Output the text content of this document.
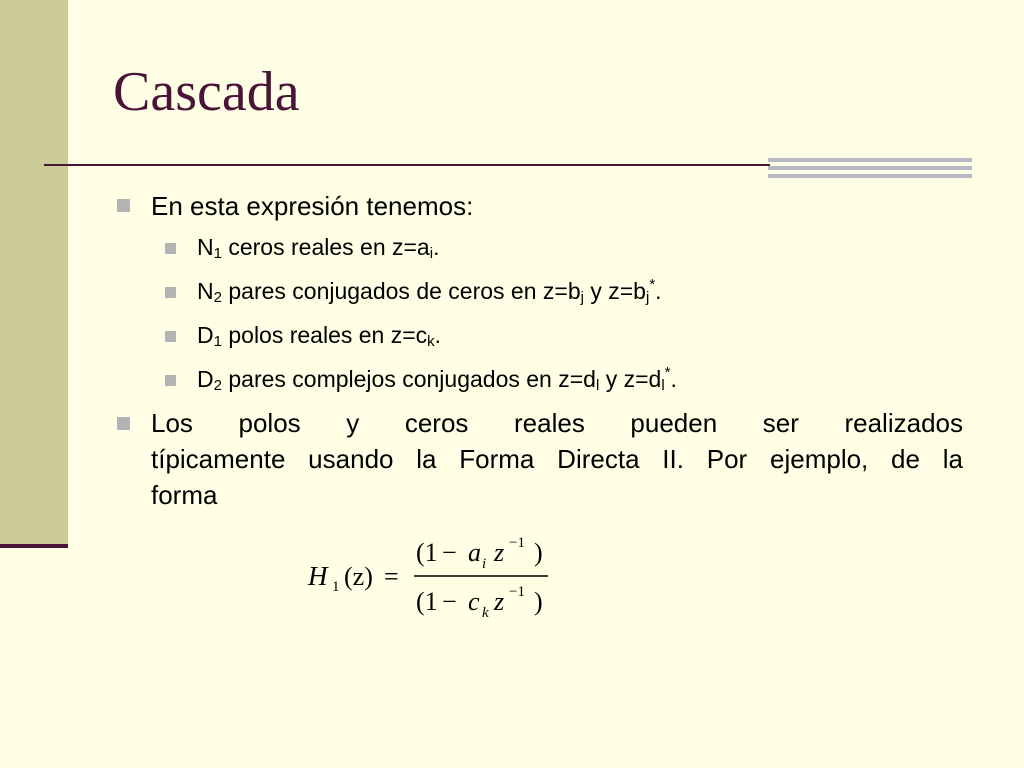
Cascada
En esta expresión tenemos:
$N_1$ ceros reales en $z=a_i$.
$N_2$ pares conjugados de ceros en $z=b_j$ y $z=b_j^*$.
$D_1$ polos reales en $z=c_k$.
$D_2$ pares complejos conjugados en $z=d_l$ y $z=d_l^*$.
Los polos y ceros reales pueden ser realizados
típicamente usando la Forma Directa II. Por ejemplo, de la
forma
H 1 (z) =
(1 − a i z −1 )
(1 − c k z −1 )
